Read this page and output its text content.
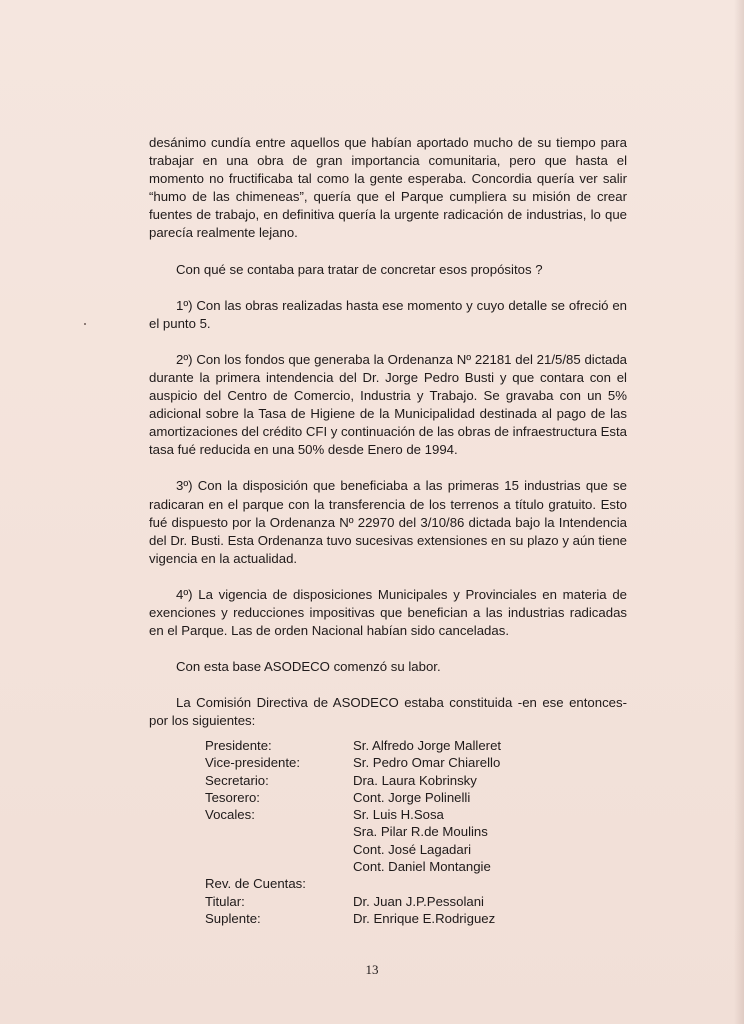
desánimo cundía entre aquellos que habían aportado mucho de su tiempo para trabajar en una obra de gran importancia comunitaria, pero que hasta el momento no fructificaba tal como la gente esperaba. Concordia quería ver salir “humo de las chimeneas”, quería que el Parque cumpliera su misión de crear fuentes de trabajo, en definitiva quería la urgente radicación de industrias, lo que parecía realmente lejano.

Con qué se contaba para tratar de concretar esos propósitos ?

1º) Con las obras realizadas hasta ese momento y cuyo detalle se ofreció en el punto 5.

2º) Con los fondos que generaba la Ordenanza Nº 22181 del 21/5/85 dictada durante la primera intendencia del Dr. Jorge Pedro Busti y que contara con el auspicio del Centro de Comercio, Industria y Trabajo. Se gravaba con un 5% adicional sobre la Tasa de Higiene de la Municipalidad destinada al pago de las amortizaciones del crédito CFI y continuación de las obras de infraestructura Esta tasa fué reducida en una 50% desde Enero de 1994.

3º) Con la disposición que beneficiaba a las primeras 15 industrias que se radicaran en el parque con la transferencia de los terrenos a título gratuito. Esto fué dispuesto por la Ordenanza Nº 22970 del 3/10/86 dictada bajo la Intendencia del Dr. Busti. Esta Ordenanza tuvo sucesivas extensiones en su plazo y aún tiene vigencia en la actualidad.

4º) La vigencia de disposiciones Municipales y Provinciales en materia de exenciones y reducciones impositivas que benefician a las industrias radicadas en el Parque. Las de orden Nacional habían sido canceladas.

Con esta base ASODECO comenzó su labor.

La Comisión Directiva de ASODECO estaba constituida -en ese entonces- por los siguientes:

Presidente:	Sr. Alfredo Jorge Malleret
Vice-presidente:	Sr. Pedro Omar Chiarello
Secretario:	Dra. Laura Kobrinsky
Tesorero:	Cont. Jorge Polinelli
Vocales:	Sr. Luis H.Sosa
Sra. Pilar R.de Moulins
Cont. José Lagadari
Cont. Daniel Montangie
Rev. de Cuentas:
Titular:	Dr. Juan J.P.Pessolani
Suplente:	Dr. Enrique E.Rodriguez
13
